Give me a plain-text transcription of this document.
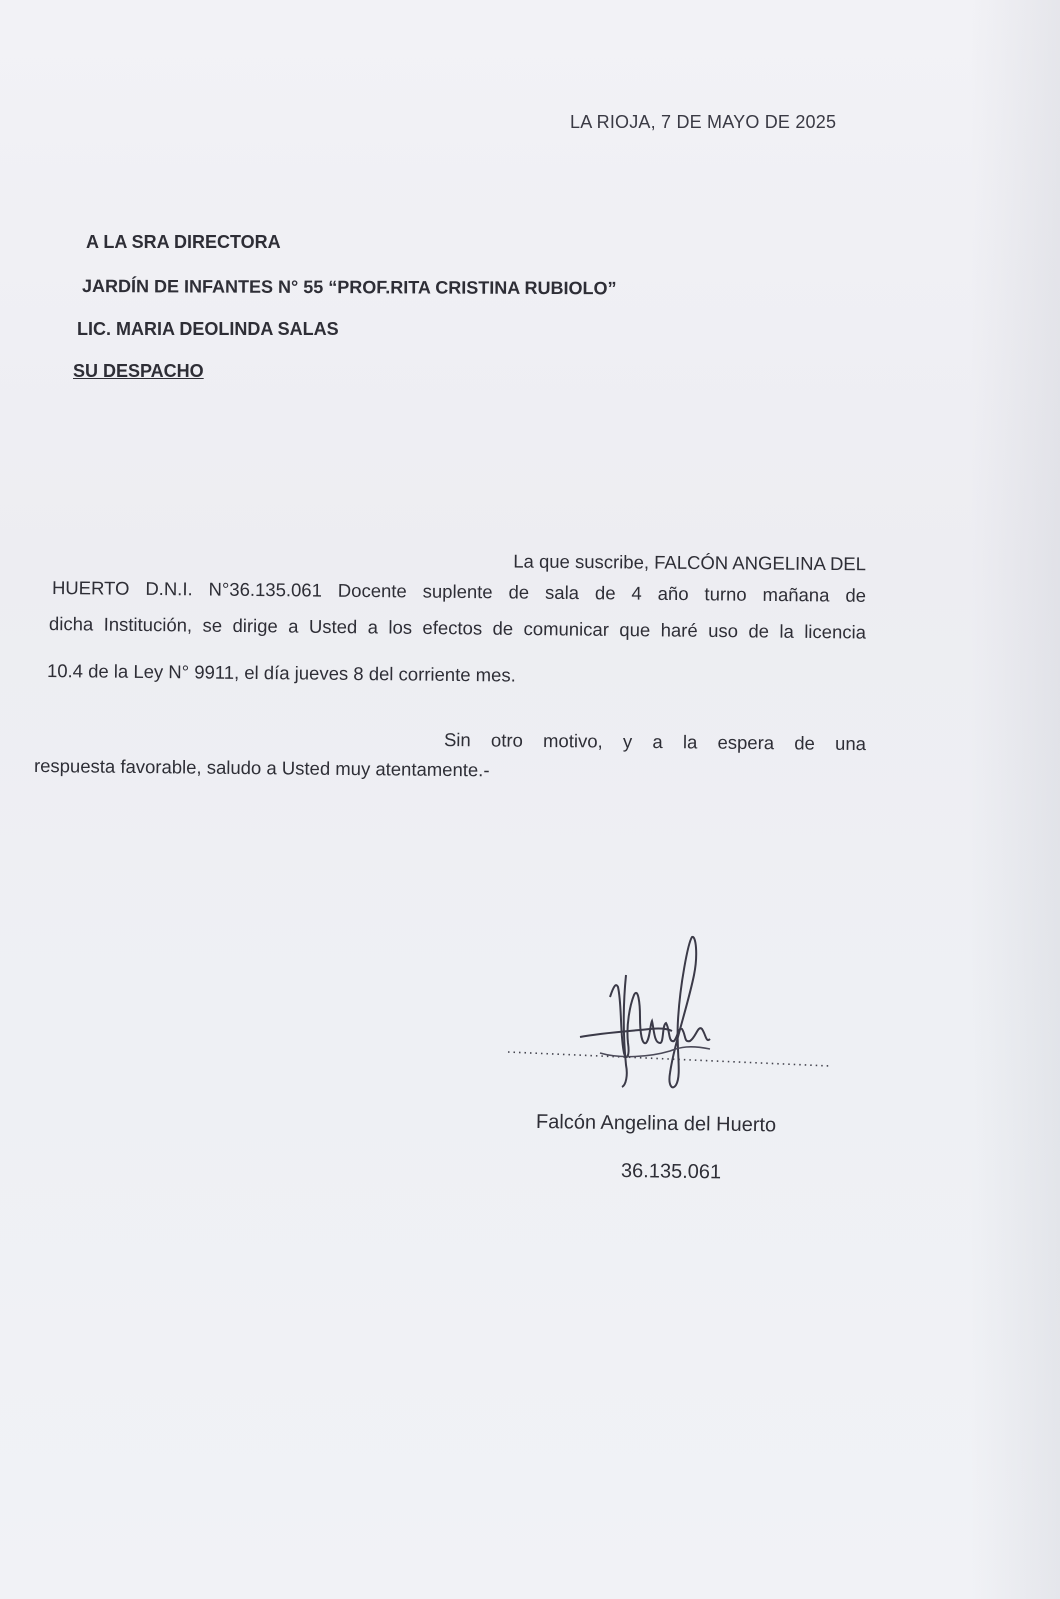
LA RIOJA, 7 DE MAYO DE 2025
A LA SRA DIRECTORA
JARDÍN DE INFANTES N° 55 “PROF.RITA CRISTINA RUBIOLO”
LIC. MARIA DEOLINDA SALAS
SU DESPACHO
La que suscribe, FALCÓN ANGELINA DEL
HUERTO D.N.I. N°36.135.061 Docente suplente de sala de 4 año turno mañana de
dicha Institución, se dirige a Usted a los efectos de comunicar que haré uso de la licencia
10.4 de la Ley N° 9911, el día jueves 8 del corriente mes.
Sin otro motivo, y a la espera de una
respuesta favorable, saludo a Usted muy atentamente.-
Falcón Angelina del Huerto
36.135.061
